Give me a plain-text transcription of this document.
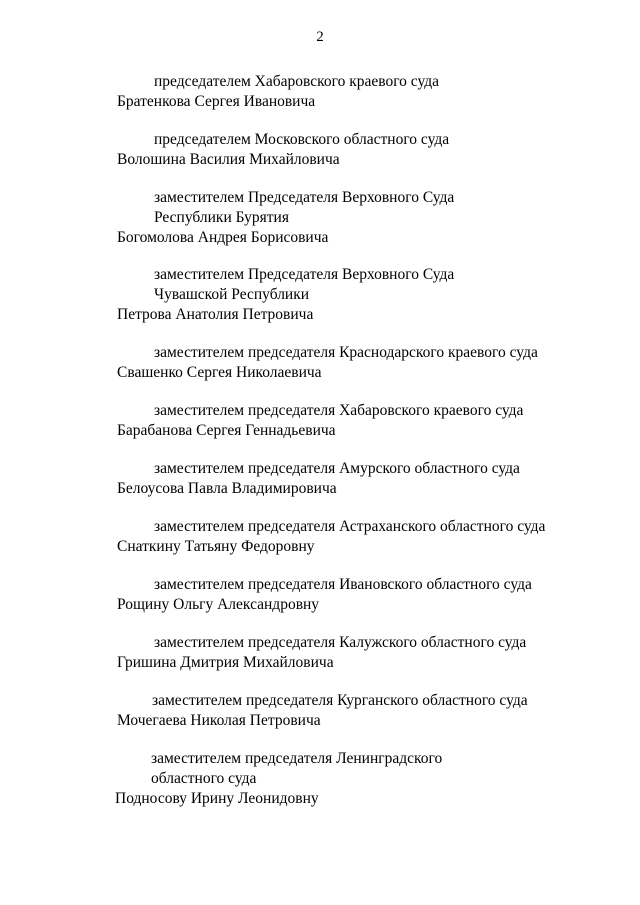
2
председателем Хабаровского краевого суда
Братенкова Сергея Ивановича
председателем Московского областного суда
Волошина Василия Михайловича
заместителем Председателя Верховного Суда
Республики Бурятия
Богомолова Андрея Борисовича
заместителем Председателя Верховного Суда
Чувашской Республики
Петрова Анатолия Петровича
заместителем председателя Краснодарского краевого суда
Свашенко Сергея Николаевича
заместителем председателя Хабаровского краевого суда
Барабанова Сергея Геннадьевича
заместителем председателя Амурского областного суда
Белоусова Павла Владимировича
заместителем председателя Астраханского областного суда
Снаткину Татьяну Федоровну
заместителем председателя Ивановского областного суда
Рощину Ольгу Александровну
заместителем председателя Калужского областного суда
Гришина Дмитрия Михайловича
заместителем председателя Курганского областного суда
Мочегаева Николая Петровича
заместителем председателя Ленинградского
областного суда
Подносову Ирину Леонидовну
